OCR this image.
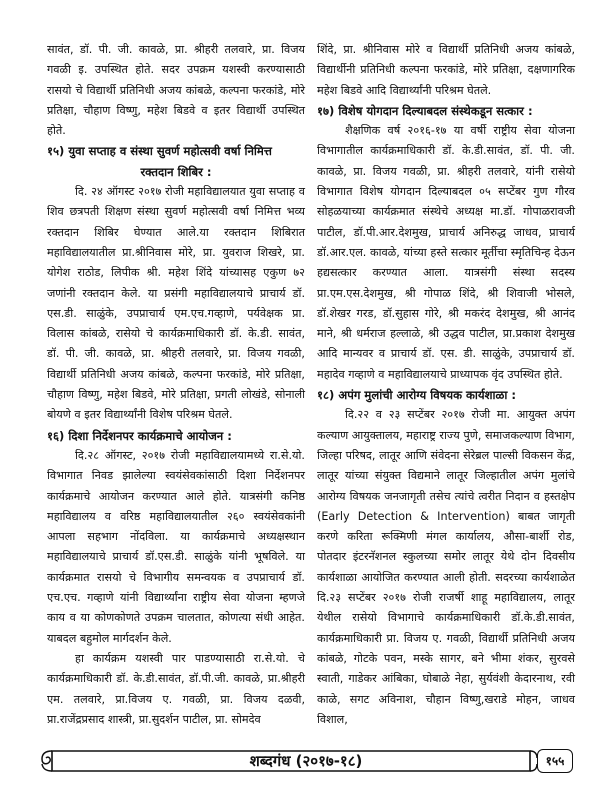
सावंत, डॉ. पी. जी. कावळे, प्रा. श्रीहरी तलवारे, प्रा. विजय गवळी इ. उपस्थित होते. सदर उपक्रम यशस्वी करण्यासाठी रासयो चे विद्यार्थी प्रतिनिधी अजय कांबळे, कल्पना फरकांडे, मोरे प्रतिक्षा, चौहाण विष्णु, महेश बिडवे व इतर विद्यार्थी उपस्थित होते.

१५) युवा सप्ताह व संस्था सुवर्ण महोत्सवी वर्षा निमित्त
रक्तदान शिबिर :

दि. २४ ऑगस्ट २०१७ रोजी महाविद्यालयात युवा सप्ताह व शिव छत्रपती शिक्षण संस्था सुवर्ण महोत्सवी वर्षा निमित्त भव्य रक्तदान शिबिर घेण्यात आले.या रक्तदान शिबिरात महाविद्यालयातील प्रा.श्रीनिवास मोरे, प्रा. युवराज शिखरे, प्रा. योगेश राठोड, लिपीक श्री. महेश शिंदे यांच्यासह एकुण ७२ जणांनी रक्तदान केले. या प्रसंगी महाविद्यालयाचे प्राचार्य डॉ. एस.डी. साळुंके, उपप्राचार्य एम.एच.गव्हाणे, पर्यवेक्षक प्रा. विलास कांबळे, रासेयो चे कार्यक्रमाधिकारी डॉ. के.डी. सावंत, डॉ. पी. जी. कावळे, प्रा. श्रीहरी तलवारे, प्रा. विजय गवळी, विद्यार्थी प्रतिनिधी अजय कांबळे, कल्पना फरकांडे, मोरे प्रतिक्षा, चौहाण विष्णु, महेश बिडवे, मोरे प्रतिक्षा, प्रगती लोखंडे, सोनाली बोयणे व इतर विद्यार्थ्यांनी विशेष परिश्रम घेतले.

१६) दिशा निर्देशनपर कार्यक्रमाचे आयोजन :

दि.२८ ऑगस्ट, २०१७ रोजी महाविद्यालयामध्ये रा.से.यो. विभागात निवड झालेल्या स्वयंसेवकांसाठी दिशा निर्देशनपर कार्यक्रमाचे आयोजन करण्यात आले होते. यात्रसंगी कनिष्ठ महाविद्यालय व वरिष्ठ महाविद्यालयातील २६० स्वयंसेवकांनी आपला सहभाग नोंदविला. या कार्यक्रमाचे अध्यक्षस्थान महाविद्यालयाचे प्राचार्य डॉ.एस.डी. साळुंके यांनी भूषविले. या कार्यक्रमात रासयो चे विभागीय समन्वयक व उपप्राचार्य डॉ. एच.एच. गव्हाणे यांनी विद्यार्थ्यांना राष्ट्रीय सेवा योजना म्हणजे काय व या कोणकोणते उपक्रम चालतात, कोणत्या संधी आहेत. याबदल बहुमोल मार्गदर्शन केले.

हा कार्यक्रम यशस्वी पार पाडण्यासाठी रा.से.यो. चे कार्यक्रमाधिकारी डॉ. के.डी.सावंत, डॉ.पी.जी. कावळे, प्रा.श्रीहरी एम. तलवारे, प्रा.विजय ए. गवळी, प्रा. विजय दळवी, प्रा.राजेंद्रप्रसाद शास्त्री, प्रा.सुदर्शन पाटील, प्रा. सोमदेव

शिंदे, प्रा. श्रीनिवास मोरे व विद्यार्थी प्रतिनिधी अजय कांबळे, विद्यार्थीनी प्रतिनिधी कल्पना फरकांडे, मोरे प्रतिक्षा, दक्षणागरिक महेश बिडवे आदि विद्यार्थ्यांनी परिश्रम घेतले.

१७) विशेष योगदान दिल्याबदल संस्थेकडून सत्कार :

शैक्षणिक वर्ष २०१६-१७ या वर्षी राष्ट्रीय सेवा योजना विभागातील कार्यक्रमाधिकारी डॉ. के.डी.सावंत, डॉ. पी. जी. कावळे, प्रा. विजय गवळी, प्रा. श्रीहरी तलवारे, यांनी रासेयो विभागात विशेष योगदान दिल्याबदल ०५ सप्टेंबर गुण गौरव सोहळयाच्या कार्यक्रमात संस्थेचे अध्यक्ष मा.डॉ. गोपाळरावजी पाटील, डॉ.पी.आर.देशमुख, प्राचार्य अनिरुद्ध जाधव, प्राचार्य डॉ.आर.एल. कावळे, यांच्या हस्ते सत्कार मूर्तीचा स्मृतिचिन्ह देऊन हद्यसत्कार करण्यात आला. यात्रसंगी संस्था सदस्य प्रा.एम.एस.देशमुख, श्री गोपाळ शिंदे, श्री शिवाजी भोसले, डॉ.शेखर गरड, डॉ.सुहास गोरे, श्री मकरंद देशमुख, श्री आनंद माने, श्री धर्मराज हल्लाळे, श्री उद्धव पाटील, प्रा.प्रकाश देशमुख आदि मान्यवर व प्राचार्य डॉ. एस. डी. साळुंके, उपप्राचार्य डॉ. महादेव गव्हाणे व महाविद्यालयाचे प्राध्यापक वृंद उपस्थित होते.

१८) अपंग मुलांची आरोग्य विषयक कार्यशाळा :

दि.२२ व २३ सप्टेंबर २०१७ रोजी मा. आयुक्त अपंग कल्याण आयुक्तालय, महाराष्ट्र राज्य पुणे, समाजकल्याण विभाग, जिल्हा परिषद, लातूर आणि संवेदना सेरेब्रल पाल्सी विकसन केंद्र, लातूर यांच्या संयुक्त विद्यमाने लातूर जिल्हातील अपंग मुलांचे आरोग्य विषयक जनजागृती तसेच त्यांचे त्वरीत निदान व हस्तक्षेप (Early Detection & Intervention) बाबत जागृती करणे करिता रूक्मिणी मंगल कार्यालय, औसा-बार्शी रोड, पोतदार इंटरनॅशनल स्कुलच्या समोर लातूर येथे दोन दिवसीय कार्यशाळा आयोजित करण्यात आली होती. सदरच्या कार्यशाळेत दि.२३ सप्टेंबर २०१७ रोजी राजर्षी शाहू महाविद्यालय, लातूर येथील रासेयो विभागाचे कार्यक्रमाधिकारी डॉ.के.डी.सावंत, कार्यक्रमाधिकारी प्रा. विजय ए. गवळी, विद्यार्थी प्रतिनिधी अजय कांबळे, गोटके पवन, मस्के सागर, बने भीमा शंकर, सुरवसे स्वाती, गाडेकर आंबिका, घोबाळे नेहा, सुर्यवंशी केदारनाथ, रवी काळे, सगट अविनाश, चौहान विष्णु,खराडे मोहन, जाधव विशाल,

शब्दगंध (२०१७-१८)	१५५
